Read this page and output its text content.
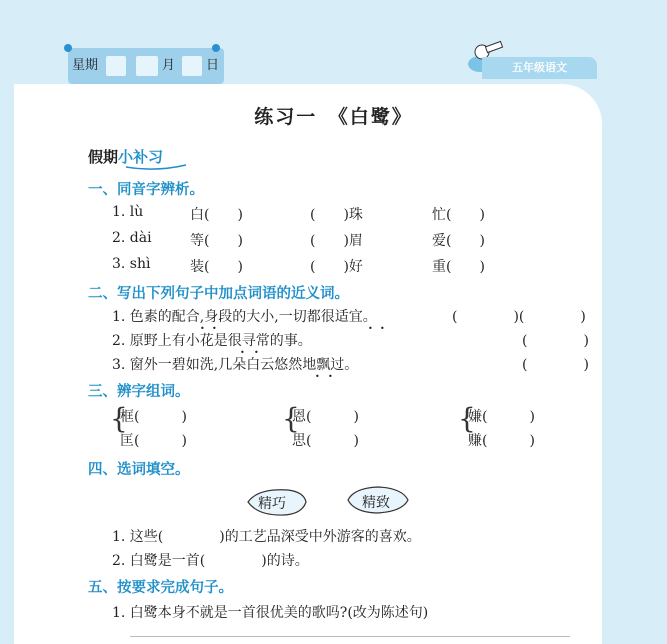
星期	月 日	五年级语文
练习一　《白鹭》
假期小补习
一、同音字辨析。
1. lù	白(　　)	(　　)珠	忙(　　)
2. dài	等(　　)	(　　)眉	爱(　　)
3. shì	装(　　)	(　　)好	重(　　)
二、写出下列句子中加点词语的近义词。
1. 色素的配合,身段的大小,一切都很适宜。	(　　　　)(　　　　)
2. 原野上有小花是很寻常的事。	(　　　　)
3. 窗外一碧如洗,几朵白云悠然地飘过。	(　　　　)
• •	• •
• •
• •
三、辨字组词。
{
框(　　　)
匡(　　　)
{
恩(　　　)
思(　　　)
{
嫌(　　　)
赚(　　　)
四、选词填空。
精巧	精致
1. 这些(　　　　)的工艺品深受中外游客的喜欢。
2. 白鹭是一首(　　　　)的诗。
五、按要求完成句子。
1. 白鹭本身不就是一首很优美的歌吗?(改为陈述句)
